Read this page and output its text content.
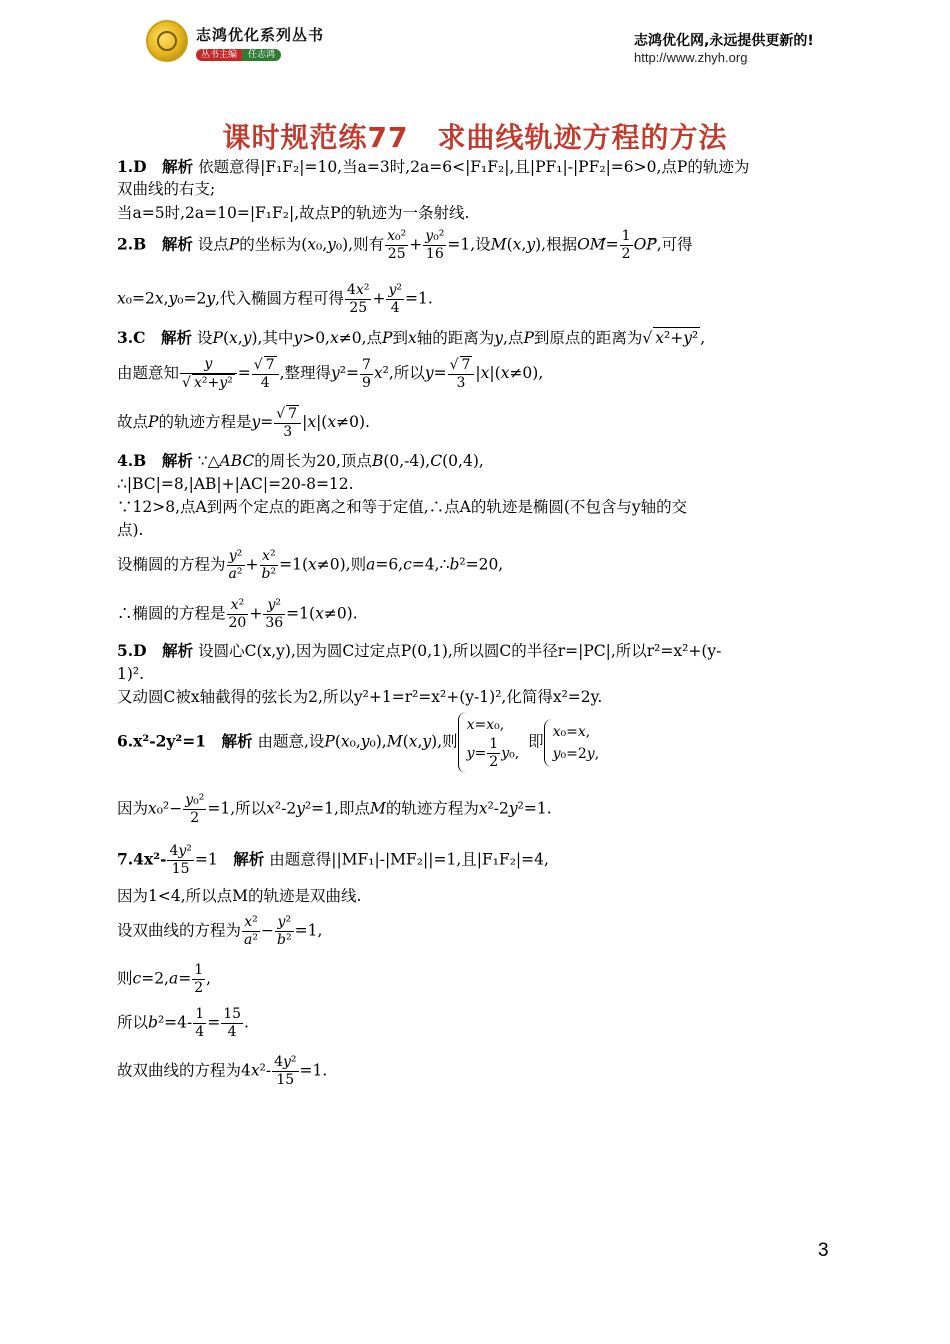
志鸿优化系列丛书
丛书主编 任志鸿
志鸿优化网,永远提供更新的!
http://www.zhyh.org
课时规范练77　求曲线轨迹方程的方法
1.D　 解析 依题意得|F₁F₂|=10,当a=3时,2a=6<|F₁F₂|,且|PF₁|-|PF₂|=6>0,点P的轨迹为
双曲线的右支;
当a=5时,2a=10=|F₁F₂|,故点P的轨迹为一条射线.
2.B　 解析 设点P的坐标为(x₀,y₀),则有 $\frac{\text{x₀²}}{25} + \frac{\text{y₀²}}{16} =1$,设M(x,y),根据OM⃗= $\frac{1}{2}$ OP⃗,可得
x₀=2x,y₀=2y,代入椭圆方程可得 $\frac{\text{4x²}}{25} + \frac{\text{y²}}{4} =1$.
3.C　 解析 设P(x,y),其中y>0,x≠0,点P到x轴的距离为y,点P到原点的距离为√ x²+y² ,
由题意知 $\frac{y}{\text{√ x²+y²}} = \frac{√ 7}{4}$ ,整理得$y^2= \frac{7}{9} x^2$,所以$y= \frac{√ 7}{3} |x|(x\ne 0)$,
故点P的轨迹方程是$y= \frac{√ 7}{3} |x|(x\ne 0)$.
4.B　 解析 ∵△ABC的周长为20,顶点B(0,-4),C(0,4),
∴|BC|=8,|AB|+|AC|=20-8=12.
∵12>8,点A到两个定点的距离之和等于定值,∴点A的轨迹是椭圆(不包含与y轴的交
点).
设椭圆的方程为 $\frac{\text{y²}}{\text{a²}} + \frac{\text{x²}}{\text{b²}} =1(x\ne 0)$,则a=6,c=4,∴b²=20,
∴椭圆的方程是 $\frac{\text{x²}}{20} + \frac{\text{y²}}{36} =1(x\ne 0)$.
5.D　 解析 设圆心C(x,y),因为圆C过定点P(0,1),所以圆C的半径r=|PC|,所以r²=x²+(y-
1)².
又动圆C被x轴截得的弦长为2,所以y²+1=r²=x²+(y-1)²,化简得x²=2y.
6.x²-2y²=1　 解析 由题意,设P(x₀,y₀),M(x,y),则x=x₀,
$y= \frac{1}{2} y_0$, 即x₀=x,
y₀=2y,
因为$x_0^2- \frac{\text{y₀²}}{2} =1$,所以x²-2y²=1,即点M的轨迹方程为x²-2y²=1.
$7.4x^2- \frac{\text{4y²}}{15} =1$　解析 由题意得||MF₁|-|MF₂||=1,且|F₁F₂|=4,
因为1<4,所以点M的轨迹是双曲线.
设双曲线的方程为 $\frac{\text{x²}}{\text{a²}} - \frac{\text{y²}}{\text{b²}} =1$,
则$c=2,a= \frac{1}{2}$ ,
所以$b^2=4- \frac{1}{4} = \frac{15}{4}$ .
故双曲线的方程为$4x^2- \frac{\text{4y²}}{15} =1$.
3
